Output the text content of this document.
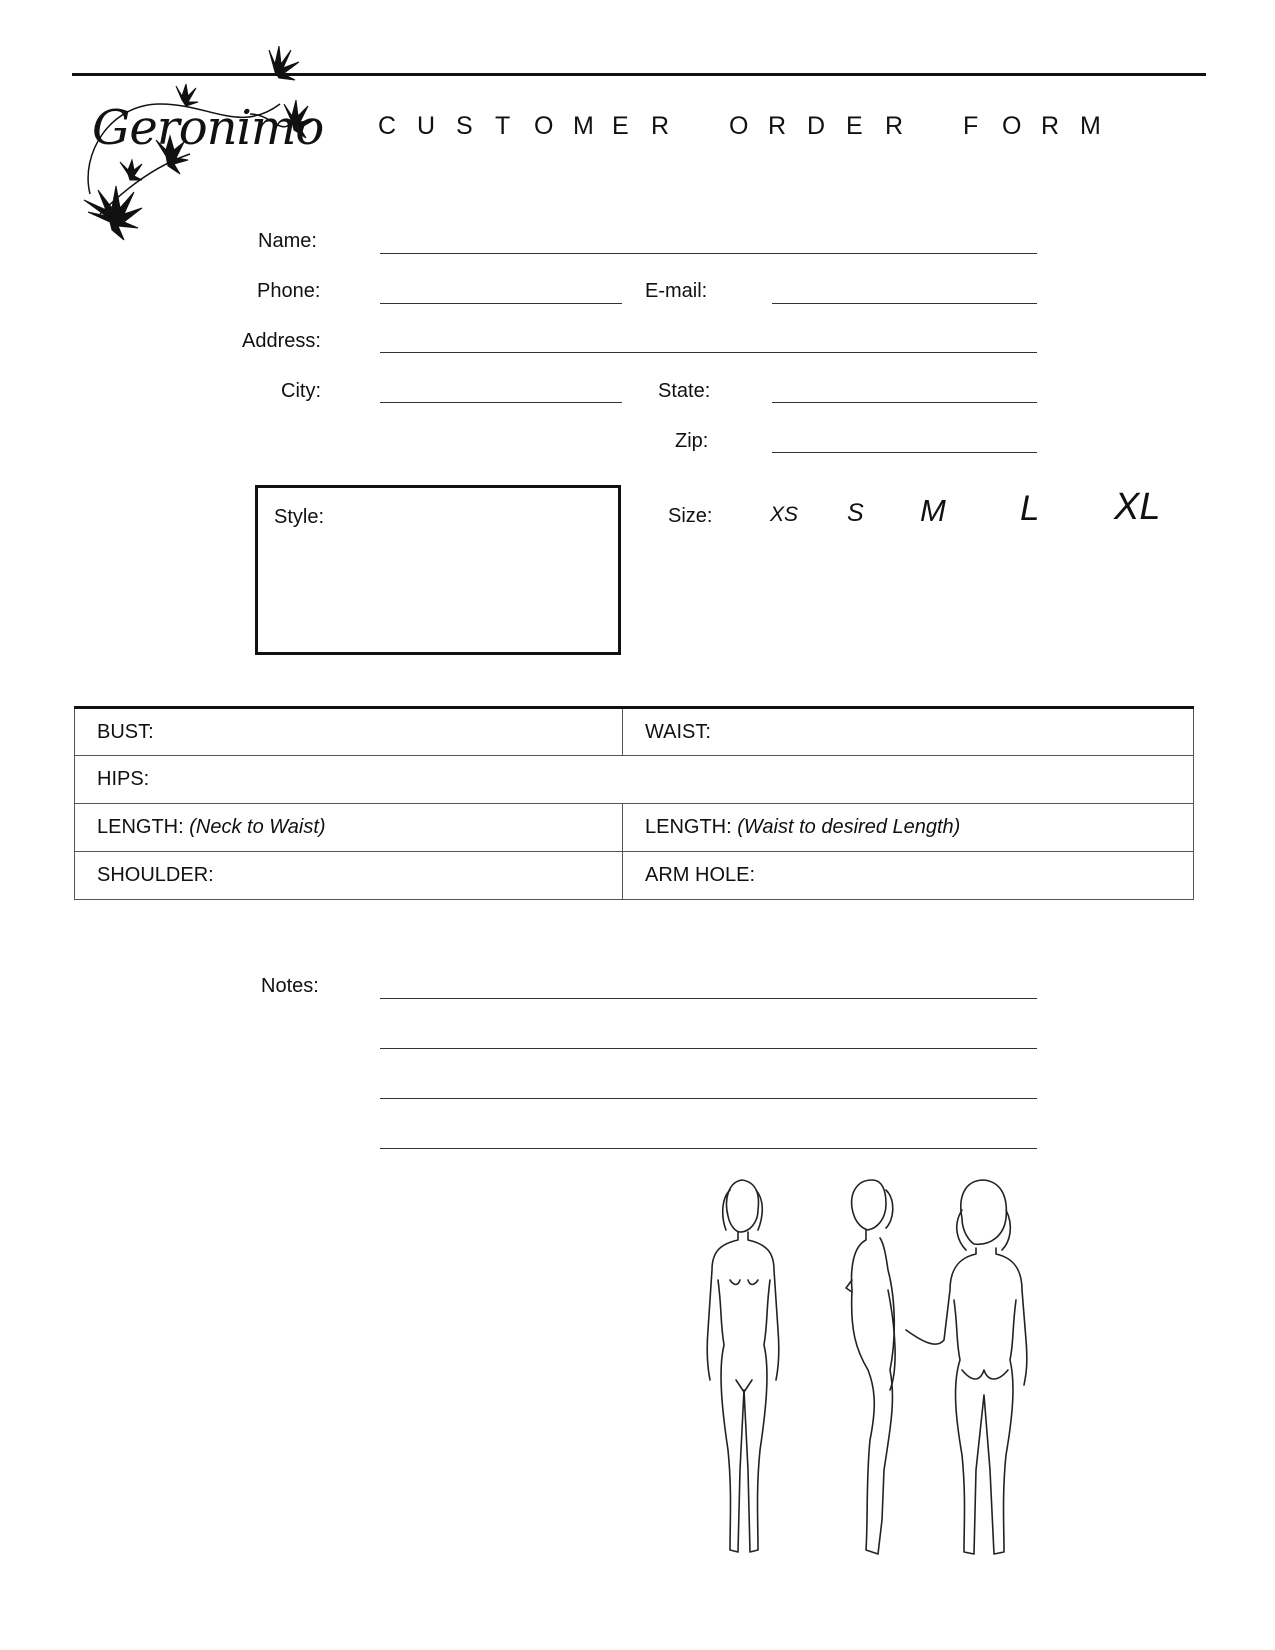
Geronimo C U S T O M E R O R D E R F O R M
Name:
Phone:	E-mail:
Address:
City:	State:
Zip:
Style:	Size:	XS S M L XL
BUST:	WAIST:
HIPS:	
LENGTH: (Neck to Waist)	LENGTH: (Waist to desired Length)
SHOULDER:	ARM HOLE:
Notes:
